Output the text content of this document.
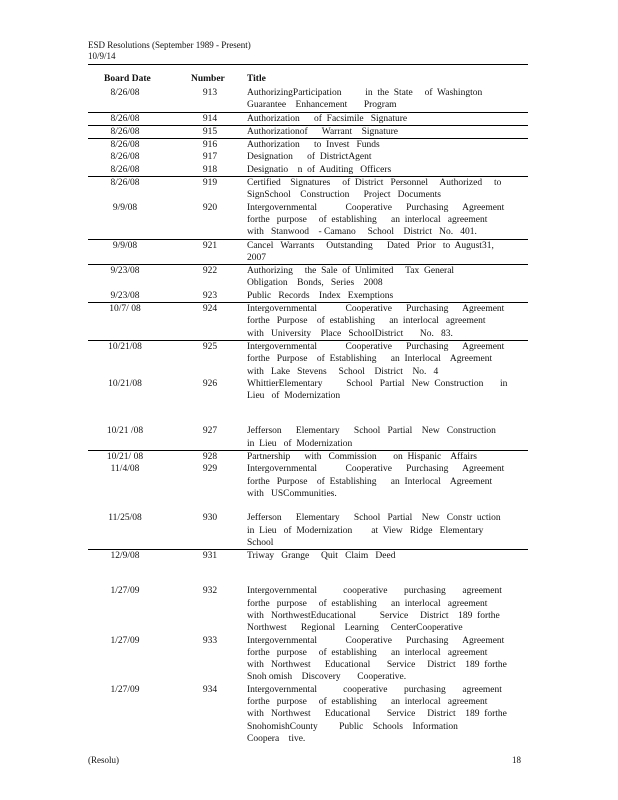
ESD Resolutions (September 1989 - Present)
10/9/14
Board Date	Number Title
8/26/08	913	AuthorizingParticipation          in  the  State     of  Washington
Guarantee    Enhancement       Program
8/26/08	914	Authorization      of  Facsimile   Signature
8/26/08	915	Authorizationof      Warrant    Signature
8/26/08	916	Authorization      to  Invest   Funds
8/26/08	917	Designation      of  DistrictAgent
8/26/08	918	Designatio    n  of  Auditing   Officers
8/26/08	919	Certified    Signatures     of  District   Personnel     Authorized     to
SignSchool    Construction      Project   Documents
9/9/08	920	Intergovernmental            Cooperative      Purchasing      Agreement
forthe   purpose     of  establishing      an  interlocal   agreement
with   Stanwood    - Camano     School    District   No.   401.
9/9/08	921	Cancel   Warrants     Outstanding      Dated   Prior   to  August31,
2007
9/23/08	922	Authorizing     the  Sale  of  Unlimited     Tax  General
Obligation    Bonds,   Series    2008
9/23/08	923	Public   Records    Index   Exemptions
10/7/ 08	924	Intergovernmental            Cooperative      Purchasing      Agreement
forthe   Purpose    of  establishing      an  interlocal   agreement
with   University    Place   SchoolDistrict       No.   83.
10/21/08	925	Intergovernmental            Cooperative      Purchasing      Agreement
forthe   Purpose    of  Establishing      an  Interlocal    Agreement
with   Lake   Stevens     School    District    No.   4
10/21/08	926	WhittierElementary          School   Partial   New  Construction       in
Lieu   of  Modernization
10/21 /08	927	Jefferson      Elementary      School   Partial    New   Construction
in  Lieu   of  Modernization
10/21/ 08	928	Partnership      with   Commission       on  Hispanic    Affairs
11/4/08	929	Intergovernmental            Cooperative      Purchasing      Agreement
forthe   Purpose    of  Establishing      an  Interlocal    Agreement
with   USCommunities.
11/25/08	930	Jefferson      Elementary      School   Partial    New   Constr  uction
in  Lieu   of  Modernization        at  View   Ridge   Elementary
School
12/9/08	931	Triway   Grange     Quit   Claim   Deed
1/27/09	932	Intergovernmental           cooperative       purchasing       agreement
forthe   purpose     of  establishing      an  interlocal   agreement
with   NorthwestEducational          Service     District    189  forthe
Northwest      Regional    Learning     CenterCooperative
1/27/09	933	Intergovernmental            Cooperative      Purchasing      Agreement
forthe   purpose     of  establishing      an  interlocal   agreement
with   Northwest      Educational       Service     District    189  forthe
Snoh omish    Discovery       Cooperative.
1/27/09	934	Intergovernmental           cooperative       purchasing       agreement
forthe   purpose     of  establishing      an  interlocal   agreement
with   Northwest      Educational       Service     District    189  forthe
SnohomishCounty         Public    Schools    Information
Coopera    tive.
(Resolu)	18
